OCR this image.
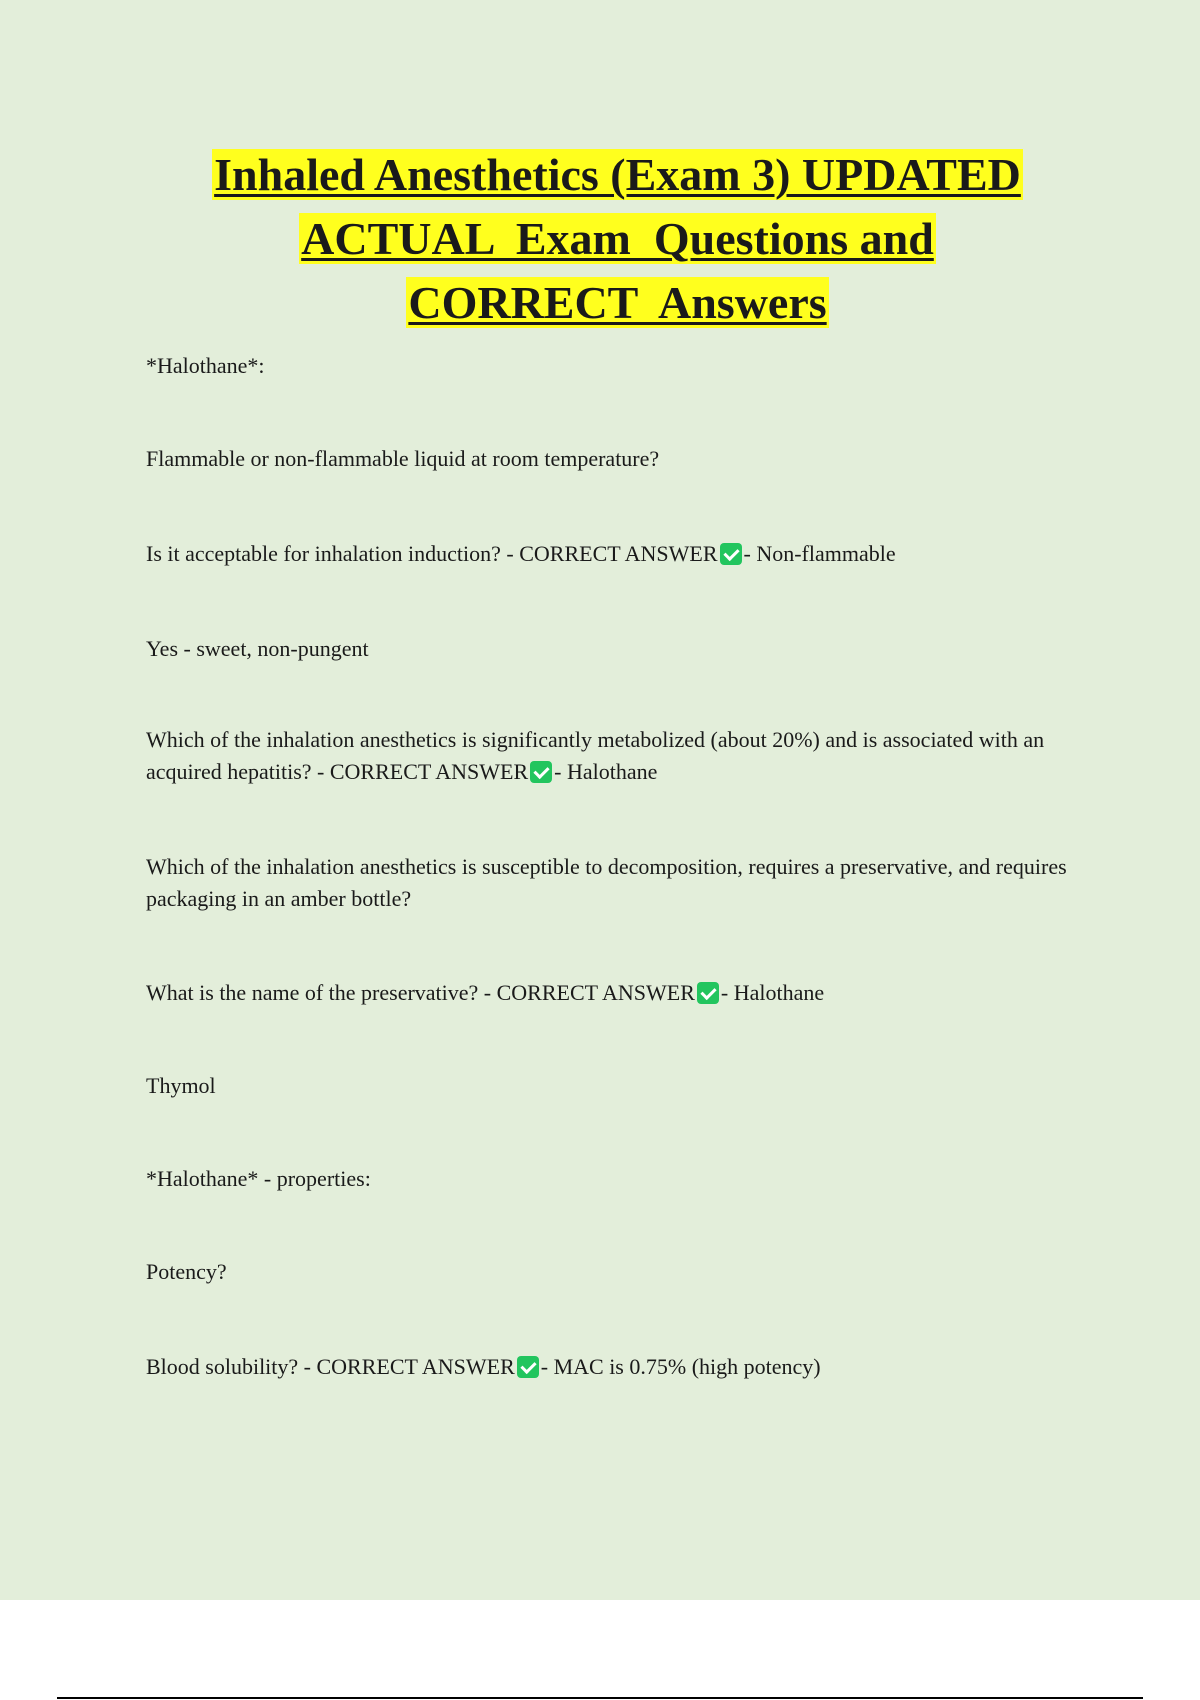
Inhaled Anesthetics (Exam 3) UPDATED
ACTUAL  Exam  Questions and
CORRECT  Answers

*Halothane*:

Flammable or non-flammable liquid at room temperature?

Is it acceptable for inhalation induction? - CORRECT ANSWER - Non-flammable

Yes - sweet, non-pungent

Which of the inhalation anesthetics is significantly metabolized (about 20%) and is associated with an acquired hepatitis? - CORRECT ANSWER - Halothane

Which of the inhalation anesthetics is susceptible to decomposition, requires a preservative, and requires packaging in an amber bottle?

What is the name of the preservative? - CORRECT ANSWER - Halothane

Thymol

*Halothane* - properties:

Potency?

Blood solubility? - CORRECT ANSWER - MAC is 0.75% (high potency)
